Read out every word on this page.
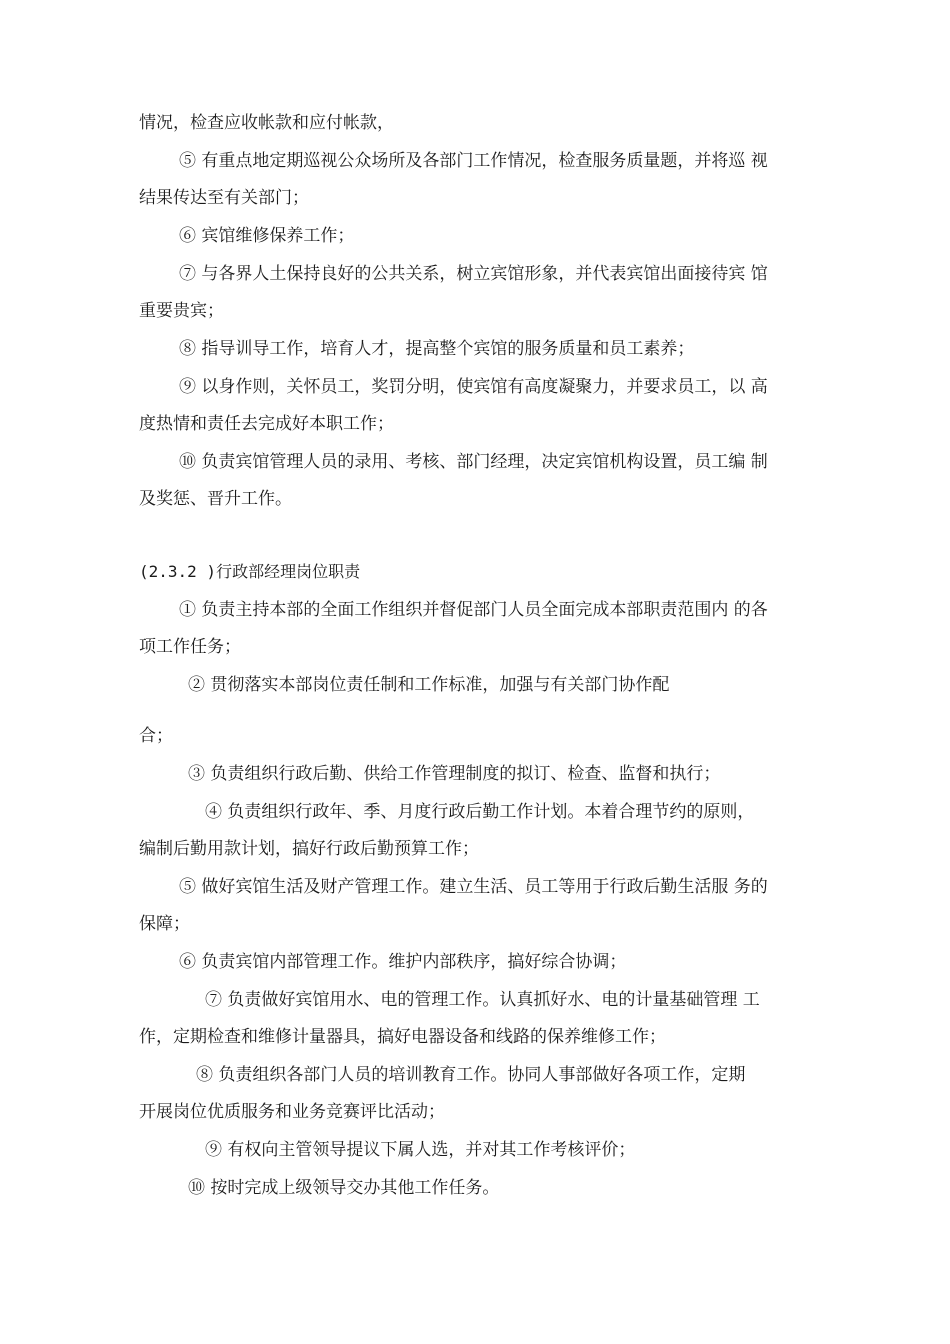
情况，检查应收帐款和应付帐款，
⑤ 有重点地定期巡视公众场所及各部门工作情况，检查服务质量题，并将巡 视
结果传达至有关部门；
⑥ 宾馆维修保养工作；
⑦ 与各界人土保持良好的公共关系，树立宾馆形象，并代表宾馆出面接待宾 馆
重要贵宾；
⑧ 指导训导工作，培育人才，提高整个宾馆的服务质量和员工素养；
⑨ 以身作则，关怀员工，奖罚分明，使宾馆有高度凝聚力，并要求员工，以 高
度热情和责任去完成好本职工作；
⑩ 负责宾馆管理人员的录用、考核、部门经理，决定宾馆机构设置，员工编 制
及奖惩、晋升工作。
(2.3.2 )行政部经理岗位职责
① 负责主持本部的全面工作组织并督促部门人员全面完成本部职责范围内 的各
项工作任务；
② 贯彻落实本部岗位责任制和工作标准，加强与有关部门协作配
合；
③ 负责组织行政后勤、供给工作管理制度的拟订、检查、监督和执行；
④ 负责组织行政年、季、月度行政后勤工作计划。本着合理节约的原则，
编制后勤用款计划，搞好行政后勤预算工作；
⑤ 做好宾馆生活及财产管理工作。建立生活、员工等用于行政后勤生活服 务的
保障；
⑥ 负责宾馆内部管理工作。维护内部秩序，搞好综合协调；
⑦ 负责做好宾馆用水、电的管理工作。认真抓好水、电的计量基础管理 工
作，定期检查和维修计量器具，搞好电器设备和线路的保养维修工作；
⑧ 负责组织各部门人员的培训教育工作。协同人事部做好各项工作，定期
开展岗位优质服务和业务竞赛评比活动；
⑨ 有权向主管领导提议下属人选，并对其工作考核评价；
⑩ 按时完成上级领导交办其他工作任务。
